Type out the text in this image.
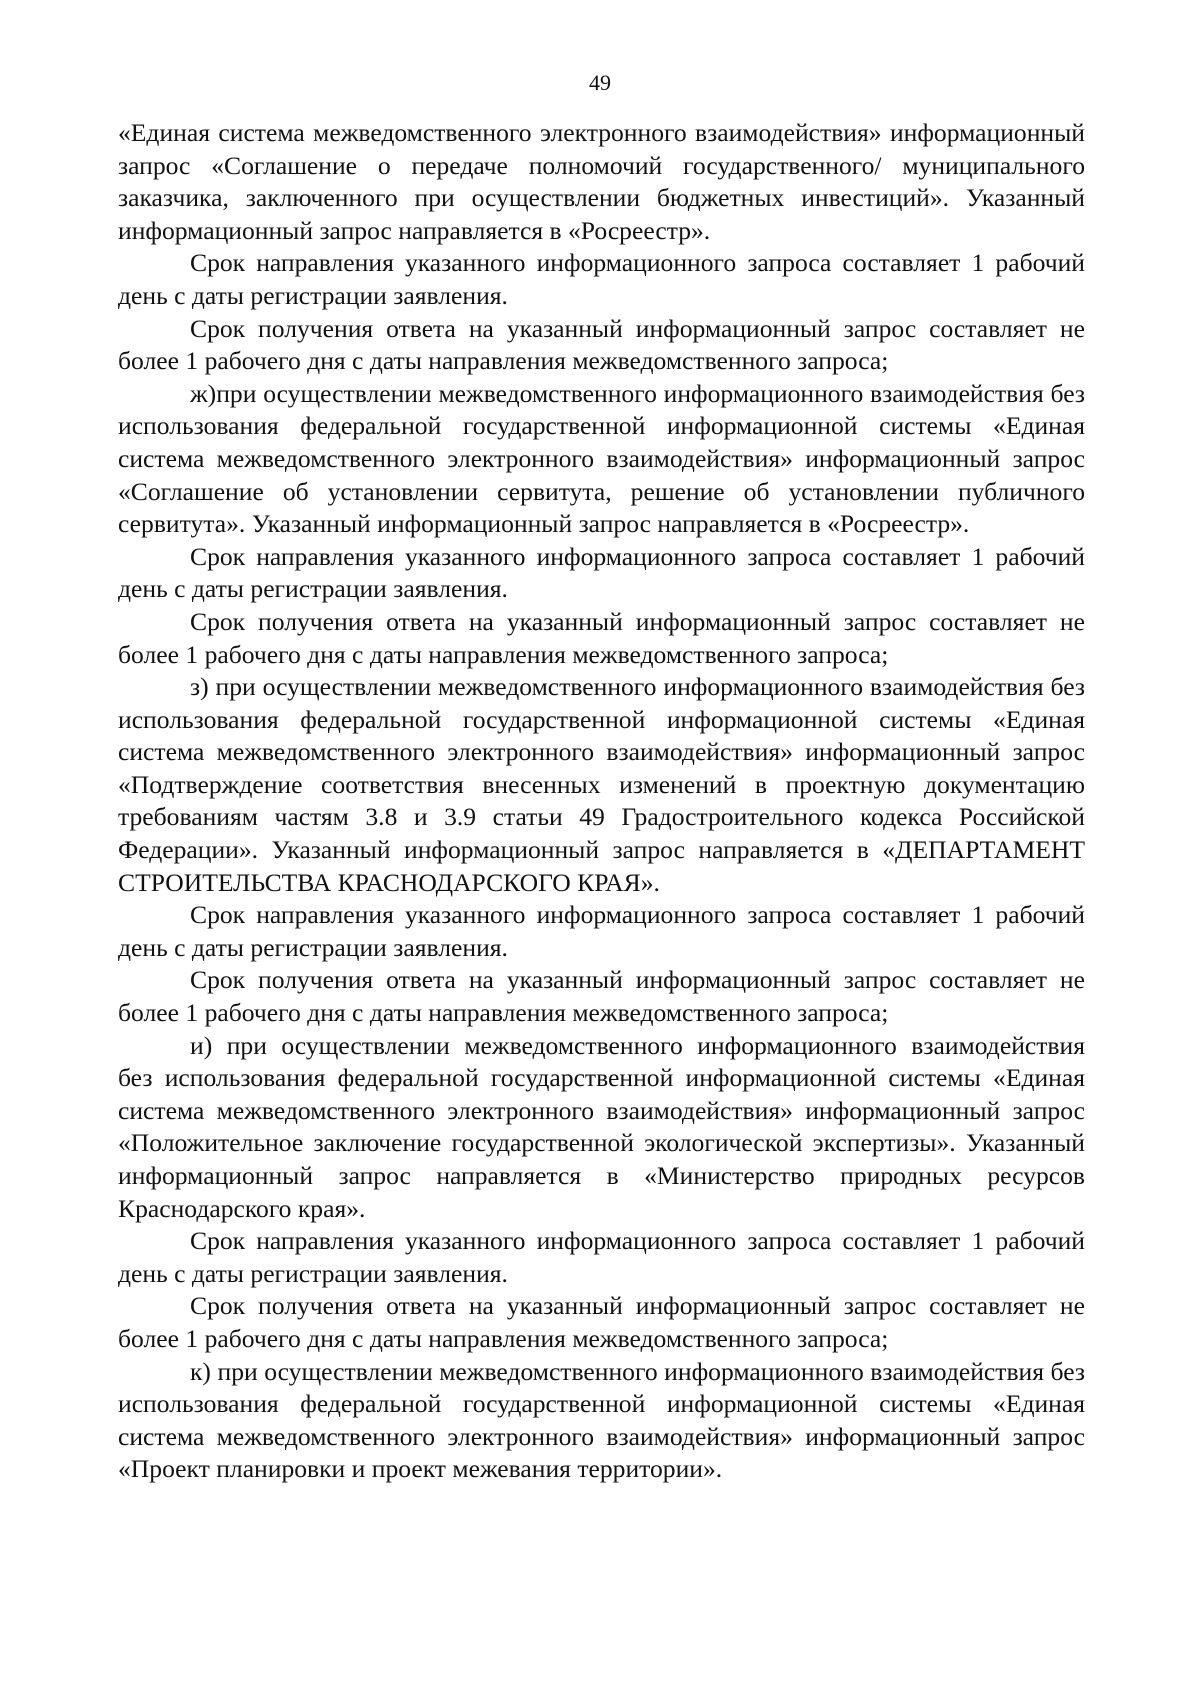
49

«Единая система межведомственного электронного взаимодействия» информационный запрос «Соглашение о передаче полномочий государственного/ муниципального заказчика, заключенного при осуществлении бюджетных инвестиций». Указанный информационный запрос направляется в «Росреестр».

Срок направления указанного информационного запроса составляет 1 рабочий день с даты регистрации заявления.

Срок получения ответа на указанный информационный запрос составляет не более 1 рабочего дня с даты направления межведомственного запроса;

ж)при осуществлении межведомственного информационного взаимодействия без использования федеральной государственной информационной системы «Единая система межведомственного электронного взаимодействия» информационный запрос «Соглашение об установлении сервитута, решение об установлении публичного сервитута». Указанный информационный запрос направляется в «Росреестр».

Срок направления указанного информационного запроса составляет 1 рабочий день с даты регистрации заявления.

Срок получения ответа на указанный информационный запрос составляет не более 1 рабочего дня с даты направления межведомственного запроса;

з) при осуществлении межведомственного информационного взаимодействия без использования федеральной государственной информационной системы «Единая система межведомственного электронного взаимодействия» информационный запрос «Подтверждение соответствия внесенных изменений в проектную документацию требованиям частям 3.8 и 3.9 статьи 49 Градостроительного кодекса Российской Федерации». Указанный информационный запрос направляется в «ДЕПАРТАМЕНТ СТРОИТЕЛЬСТВА КРАСНОДАРСКОГО КРАЯ».

Срок направления указанного информационного запроса составляет 1 рабочий день с даты регистрации заявления.

Срок получения ответа на указанный информационный запрос составляет не более 1 рабочего дня с даты направления межведомственного запроса;

и) при осуществлении межведомственного информационного взаимодействия без использования федеральной государственной информационной системы «Единая система межведомственного электронного взаимодействия» информационный запрос «Положительное заключение государственной экологической экспертизы». Указанный информационный запрос направляется в «Министерство природных ресурсов Краснодарского края».

Срок направления указанного информационного запроса составляет 1 рабочий день с даты регистрации заявления.

Срок получения ответа на указанный информационный запрос составляет не более 1 рабочего дня с даты направления межведомственного запроса;

к) при осуществлении межведомственного информационного взаимодействия без использования федеральной государственной информационной системы «Единая система межведомственного электронного взаимодействия» информационный запрос «Проект планировки и проект межевания территории».
